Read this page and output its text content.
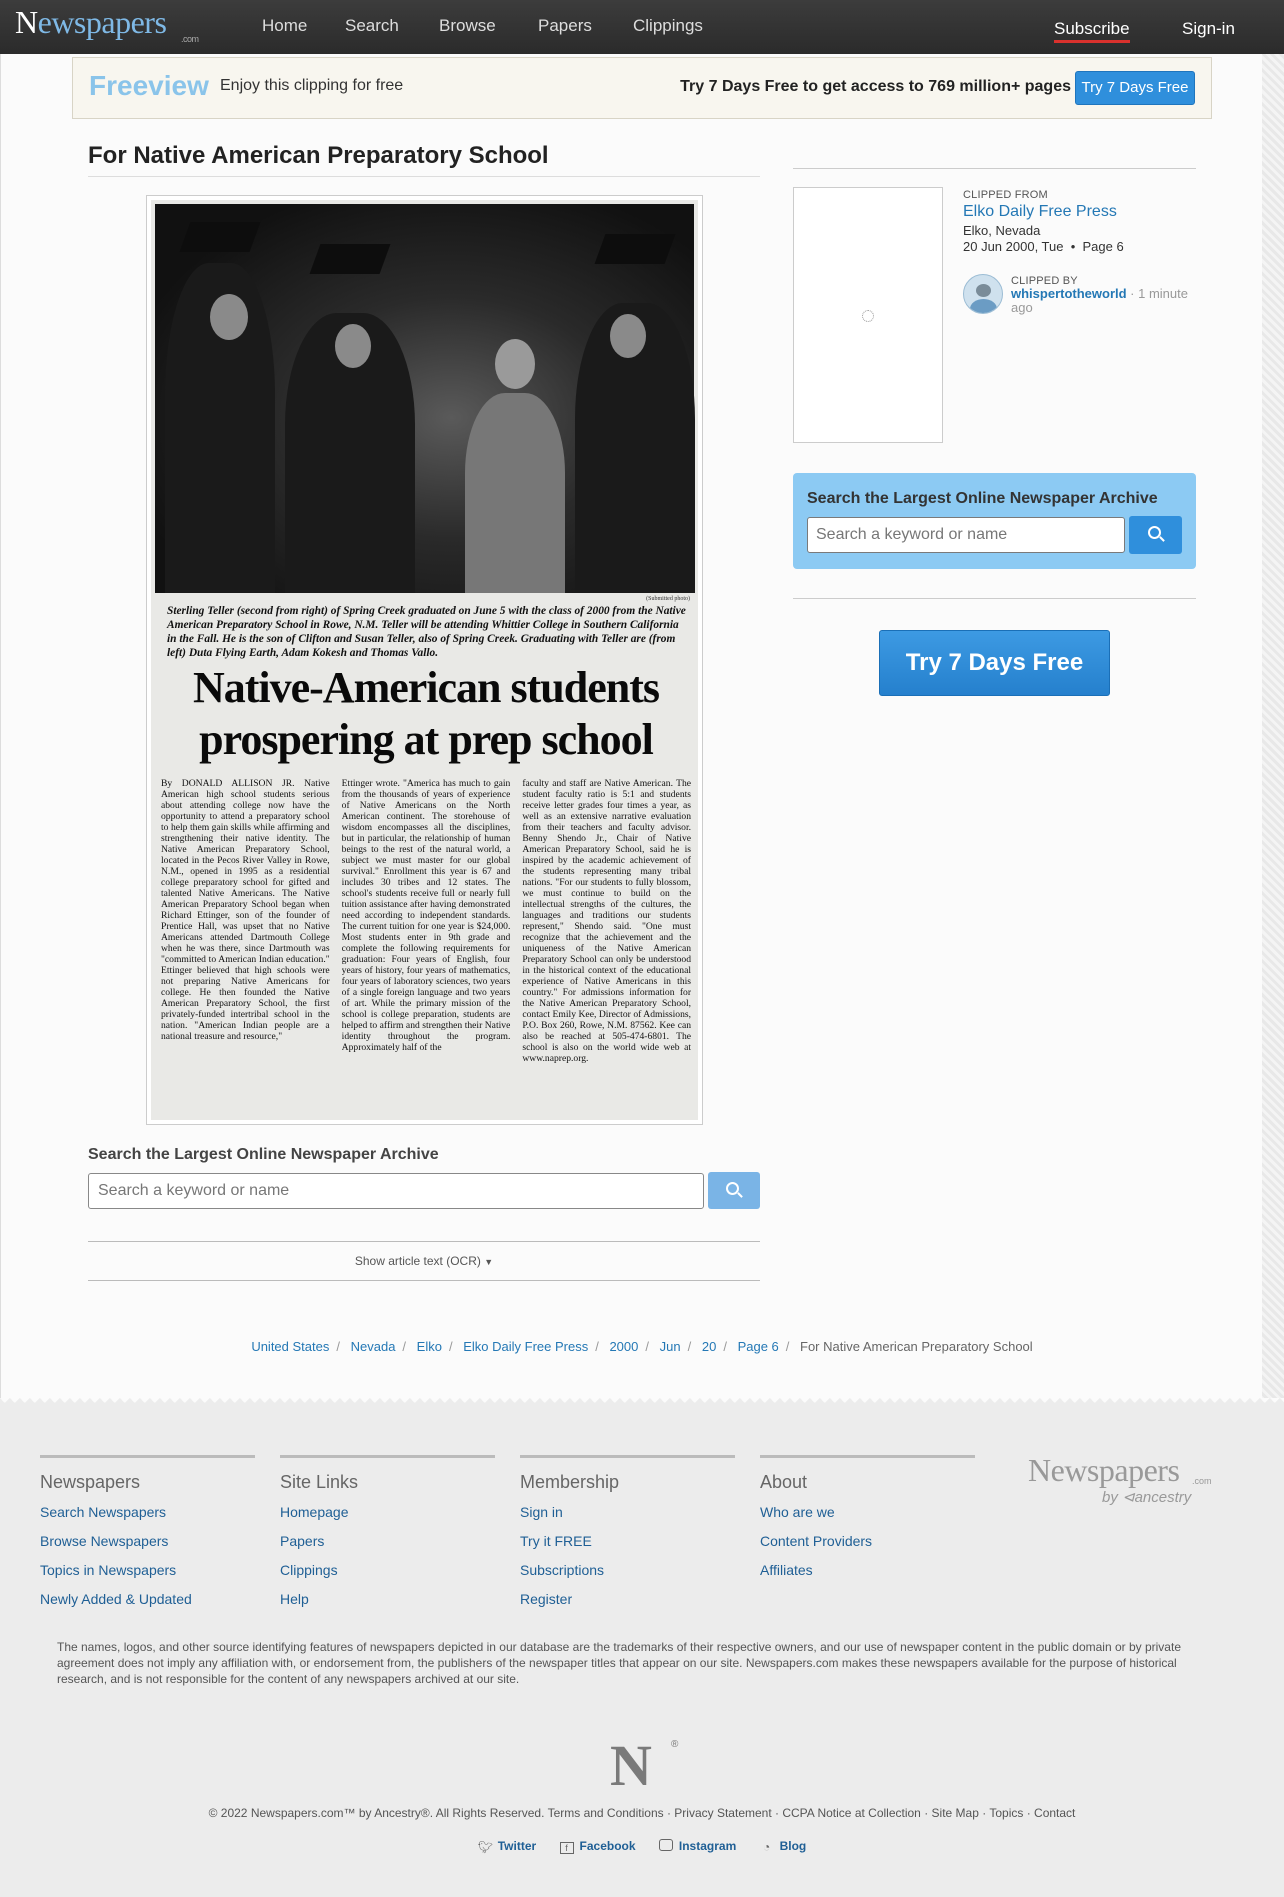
Newspapers .com
Home Search Browse Papers Clippings	Subscribe	Sign-in
Freeview Enjoy this clipping for free	Try 7 Days Free to get access to 769 million+ pages Try 7 Days Free
For Native American Preparatory School
(Submitted photo)
Sterling Teller (second from right) of Spring Creek graduated on June 5 with the class of 2000 from the Native American Preparatory School in Rowe, N.M. Teller will be attending Whittier College in Southern California in the Fall. He is the son of Clifton and Susan Teller, also of Spring Creek. Graduating with Teller are (from left) Duta Flying Earth, Adam Kokesh and Thomas Vallo.
Native-American students
prospering at prep school
By DONALD ALLISON JR. Native American high school students serious about attending college now have the opportunity to attend a preparatory school to help them gain skills while affirming and strengthening their native identity. The Native American Preparatory School, located in the Pecos River Valley in Rowe, N.M., opened in 1995 as a residential college preparatory school for gifted and talented Native Americans. The Native American Preparatory School began when Richard Ettinger, son of the founder of Prentice Hall, was upset that no Native Americans attended Dartmouth College when he was there, since Dartmouth was "committed to American Indian education." Ettinger believed that high schools were not preparing Native Americans for college. He then founded the Native American Preparatory School, the first privately-funded intertribal school in the nation. "American Indian people are a national treasure and resource,"
Ettinger wrote. "America has much to gain from the thousands of years of experience of Native Americans on the North American continent. The storehouse of wisdom encompasses all the disciplines, but in particular, the relationship of human beings to the rest of the natural world, a subject we must master for our global survival." Enrollment this year is 67 and includes 30 tribes and 12 states. The school's students receive full or nearly full tuition assistance after having demonstrated need according to independent standards. The current tuition for one year is $24,000. Most students enter in 9th grade and complete the following requirements for graduation: Four years of English, four years of history, four years of mathematics, four years of laboratory sciences, two years of a single foreign language and two years of art. While the primary mission of the school is college preparation, students are helped to affirm and strengthen their Native identity throughout the program. Approximately half of the
faculty and staff are Native American. The student faculty ratio is 5:1 and students receive letter grades four times a year, as well as an extensive narrative evaluation from their teachers and faculty advisor. Benny Shendo Jr., Chair of Native American Preparatory School, said he is inspired by the academic achievement of the students representing many tribal nations. "For our students to fully blossom, we must continue to build on the intellectual strengths of the cultures, the languages and traditions our students represent," Shendo said. "One must recognize that the achievement and the uniqueness of the Native American Preparatory School can only be understood in the historical context of the educational experience of Native Americans in this country." For admissions information for the Native American Preparatory School, contact Emily Kee, Director of Admissions, P.O. Box 260, Rowe, N.M. 87562. Kee can also be reached at 505-474-6801. The school is also on the world wide web at www.naprep.org.
Search the Largest Online Newspaper Archive
Search a keyword or name
Show article text (OCR) ▼
CLIPPED FROM
Elko Daily Free Press
Elko, Nevada
20 Jun 2000, Tue  •  Page 6
CLIPPED BY
whispertotheworld · 1 minute ago
Search the Largest Online Newspaper Archive
Search a keyword or name
Try 7 Days Free
United States / Nevada / Elko / Elko Daily Free Press / 2000 / Jun / 20 / Page 6 / For Native American Preparatory School
Newspapers
Search Newspapers
Browse Newspapers
Topics in Newspapers
Newly Added & Updated
Site Links
Homepage
Papers
Clippings
Help
Membership
Sign in
Try it FREE
Subscriptions
Register
About
Who are we
Content Providers
Affiliates
Newspapers .com
by ⊲ancestry

The names, logos, and other source identifying features of newspapers depicted in our database are the trademarks of their respective owners, and our use of newspaper content in the public domain or by private agreement does not imply any affiliation with, or endorsement from, the publishers of the newspaper titles that appear on our site. Newspapers.com makes these newspapers available for the purpose of historical research, and is not responsible for the content of any newspapers archived at our site.

N ®
© 2022 Newspapers.com™ by Ancestry®. All Rights Reserved. Terms and Conditions · Privacy Statement · CCPA Notice at Collection · Site Map · Topics · Contact
🐦︎ Twitter	f Facebook	Instagram ◔ Blog
